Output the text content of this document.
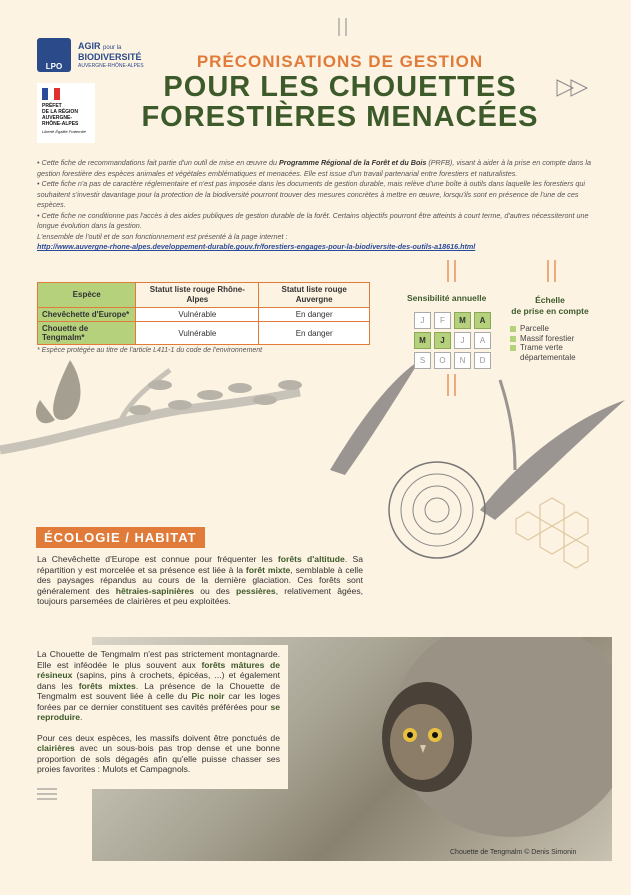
LPO
AGIR pour la
BIODIVERSITÉ
AUVERGNE-RHÔNE-ALPES
PRÉFET
DE LA RÉGION
AUVERGNE-
RHÔNE-ALPES
Liberté Égalité Fraternité
PRÉCONISATIONS DE GESTION
POUR LES CHOUETTES
FORESTIÈRES MENACÉES

• Cette fiche de recommandations fait partie d'un outil de mise en œuvre du Programme Régional de la Forêt et du Bois (PRFB), visant à aider à la prise en compte dans la gestion forestière des espèces animales et végétales emblématiques et menacées. Elle est issue d'un travail partenarial entre forestiers et naturalistes.

• Cette fiche n'a pas de caractère réglementaire et n'est pas imposée dans les documents de gestion durable, mais relève d'une boîte à outils dans laquelle les forestiers qui souhaitent s'investir davantage pour la protection de la biodiversité pourront trouver des mesures concrètes à mettre en œuvre, lorsqu'ils sont en présence de l'une de ces espèces.

• Cette fiche ne conditionne pas l'accès à des aides publiques de gestion durable de la forêt. Certains objectifs pourront être atteints à court terme, d'autres nécessiteront une longue évolution dans la gestion.

L'ensemble de l'outil et de son fonctionnement est présenté à la page internet :

http://www.auvergne-rhone-alpes.developpement-durable.gouv.fr/forestiers-engages-pour-la-biodiversite-des-outils-a18616.html

Espèce	Statut liste rouge Rhône-Alpes	Statut liste rouge Auvergne
Chevêchette d'Europe*	Vulnérable	En danger
Chouette de Tengmalm*	Vulnérable	En danger
* Espèce protégée au titre de l'article L411-1 du code de l'environnement
Sensibilité annuelle
J	F	M	A
M	J	J	A
S	O	N	D
Échelle
de prise en compte
Parcelle
Massif forestier
Trame verte départementale
ÉCOLOGIE / HABITAT

La Chevêchette d'Europe est connue pour fréquenter les forêts d'altitude. Sa répartition y est morcelée et sa présence est liée à la forêt mixte, semblable à celle des paysages répandus au cours de la dernière glaciation. Ces forêts sont généralement des hêtraies-sapinières ou des pessières, relativement âgées, toujours parsemées de clairières et peu exploitées.

La Chouette de Tengmalm n'est pas strictement montagnarde. Elle est inféodée le plus souvent aux forêts mâtures de résineux (sapins, pins à crochets, épicéas, ...) et également dans les forêts mixtes. La présence de la Chouette de Tengmalm est souvent liée à celle du Pic noir car les loges forées par ce dernier constituent ses cavités préférées pour se reproduire.

Pour ces deux espèces, les massifs doivent être ponctués de clairières avec un sous-bois pas trop dense et une bonne proportion de sols dégagés afin qu'elle puisse chasser ses proies favorites : Mulots et Campagnols.

Chouette de Tengmalm © Denis Simonin
